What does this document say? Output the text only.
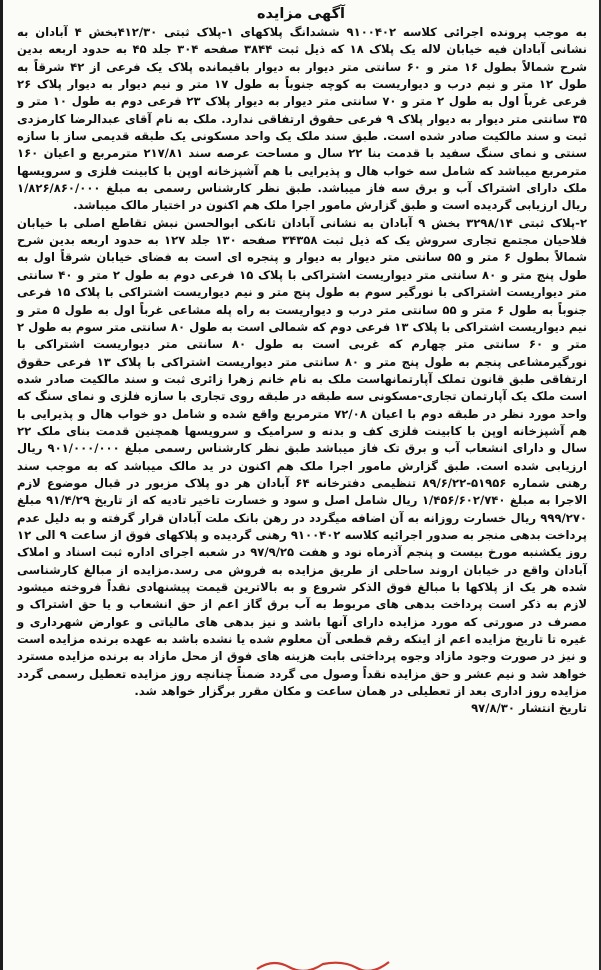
آگهی مزایده

به موجب پرونده اجرائی کلاسه ۹۱۰۰۴۰۲ ششدانگ پلاکهای ۱-پلاک ثبتی ۴۱۲/۳۰بخش ۴ آبادان به نشانی آبادان فیه خیابان لاله یک پلاک ۱۸ که ذیل ثبت ۳۸۴۴ صفحه ۳۰۴ جلد ۴۵ به حدود اربعه بدین شرح شمالاً بطول ۱۶ متر و ۶۰ سانتی متر دیوار به دیوار باقیمانده پلاک یک فرعی از ۴۲ شرقاً به طول ۱۲ متر و نیم درب و دیواریست به کوچه جنوباً به طول ۱۷ متر و نیم دیوار به دیوار پلاک ۲۶ فرعی غرباً اول به طول ۲ متر و ۷۰ سانتی متر دیوار به دیوار پلاک ۲۳ فرعی دوم به طول ۱۰ متر و ۳۵ سانتی متر دیوار به دیوار پلاک ۹ فرعی حقوق ارتفاقی ندارد. ملک به نام آقای عبدالرضا کارمزدی ثبت و سند مالکیت صادر شده است. طبق سند ملک یک واحد مسکونی یک طبقه قدیمی ساز با سازه سنتی و نمای سنگ سفید با قدمت بنا ۲۲ سال و مساحت عرصه سند ۲۱۷/۸۱ مترمربع و اعیان ۱۶۰ مترمربع میباشد که شامل سه خواب هال و پذیرایی با هم آشپزخانه اوپن با کابینت فلزی و سرویسها ملک دارای اشتراک آب و برق سه فاز میباشد. طبق نظر کارشناس رسمی به مبلغ ۱/۸۲۶/۸۶۰/۰۰۰ ریال ارزیابی گردیده است و طبق گزارش مامور اجرا ملک هم اکنون در اختیار مالک میباشد.

۲-پلاک ثبتی ۳۲۹۸/۱۴ بخش ۹ آبادان به نشانی آبادان ثانکی ابوالحسن نبش تقاطع اصلی با خیابان فلاحیان مجتمع تجاری سروش یک که ذیل ثبت ۳۴۳۵۸ صفحه ۱۳۰ جلد ۱۲۷ به حدود اربعه بدین شرح شمالاً بطول ۶ متر و ۵۵ سانتی متر دیوار به دیوار و پنجره ای است به فضای خیابان شرقاً اول به طول پنج متر و ۸۰ سانتی متر دیواریست اشتراکی با پلاک ۱۵ فرعی دوم به طول ۲ متر و ۴۰ سانتی متر دیواریست اشتراکی با نورگیر سوم به طول پنج متر و نیم دیواریست اشتراکی با پلاک ۱۵ فرعی جنوباً به طول ۶ متر و ۵۵ سانتی متر درب و دیواریست به راه پله مشاعی غرباً اول به طول ۵ متر و نیم دیواریست اشتراکی با پلاک ۱۳ فرعی دوم که شمالی است به طول ۸۰ سانتی متر سوم به طول ۲ متر و ۶۰ سانتی متر چهارم که غربی است به طول ۸۰ سانتی متر دیواریست اشتراکی با نورگیرمشاعی پنجم به طول پنج متر و ۸۰ سانتی متر دیواریست اشتراکی با پلاک ۱۳ فرعی حقوق ارتفاقی طبق قانون تملک آپارتمانهاست ملک به نام خانم زهرا زائری ثبت و سند مالکیت صادر شده است ملک یک آپارتمان تجاری-مسکونی سه طبقه در طبقه روی تجاری با سازه فلزی و نمای سنگ که واحد مورد نظر در طبقه دوم با اعیان ۷۲/۰۸ مترمربع واقع شده و شامل دو خواب هال و پذیرایی با هم آشپزخانه اوپن با کابینت فلزی کف و بدنه و سرامیک و سرویسها همچنین قدمت بنای ملک ۲۲ سال و دارای انشعاب آب و برق تک فاز میباشد طبق نظر کارشناس رسمی مبلغ ۹۰۱/۰۰۰/۰۰۰ ریال ارزیابی شده است. طبق گزارش مامور اجرا ملک هم اکنون در ید مالک میباشد که به موجب سند رهنی شماره ۵۱۹۵۶-۸۹/۶/۲۲ تنظیمی دفترخانه ۶۴ آبادان هر دو پلاک مزبور در قبال موضوع لازم الاجرا به مبلغ ۱/۴۵۶/۶۰۲/۷۴۰ ریال شامل اصل و سود و خسارت تاخیر تادیه که از تاریخ ۹۱/۴/۲۹ مبلغ ۹۹۹/۲۷۰ ریال خسارت روزانه به آن اضافه میگردد در رهن بانک ملت آبادان قرار گرفته و به دلیل عدم پرداخت بدهی منجر به صدور اجرائیه کلاسه ۹۱۰۰۴۰۲ رهنی گردیده و پلاکهای فوق از ساعت ۹ الی ۱۲ روز یکشنبه مورخ بیست و پنجم آذرماه نود و هفت ۹۷/۹/۲۵ در شعبه اجرای اداره ثبت اسناد و املاک آبادان واقع در خیابان اروند ساحلی از طریق مزایده به فروش می رسد.مزایده از مبالغ کارشناسی شده هر یک از پلاکها با مبالغ فوق الذکر شروع و به بالاترین قیمت پیشنهادی نقداً فروخته میشود لازم به ذکر است پرداخت بدهی های مربوط به آب برق گاز اعم از حق انشعاب و یا حق اشتراک و مصرف در صورتی که مورد مزایده دارای آنها باشد و نیز بدهی های مالیاتی و عوارض شهرداری و غیره تا تاریخ مزایده اعم از اینکه رقم قطعی آن معلوم شده یا نشده باشد به عهده برنده مزایده است و نیز در صورت وجود مازاد وجوه پرداختی بابت هزینه های فوق از محل مازاد به برنده مزایده مسترد خواهد شد و نیم عشر و حق مزایده نقداً وصول می گردد ضمناً چنانچه روز مزایده تعطیل رسمی گردد مزایده روز اداری بعد از تعطیلی در همان ساعت و مکان مقرر برگزار خواهد شد.

تاریخ انتشار ۹۷/۸/۳۰
